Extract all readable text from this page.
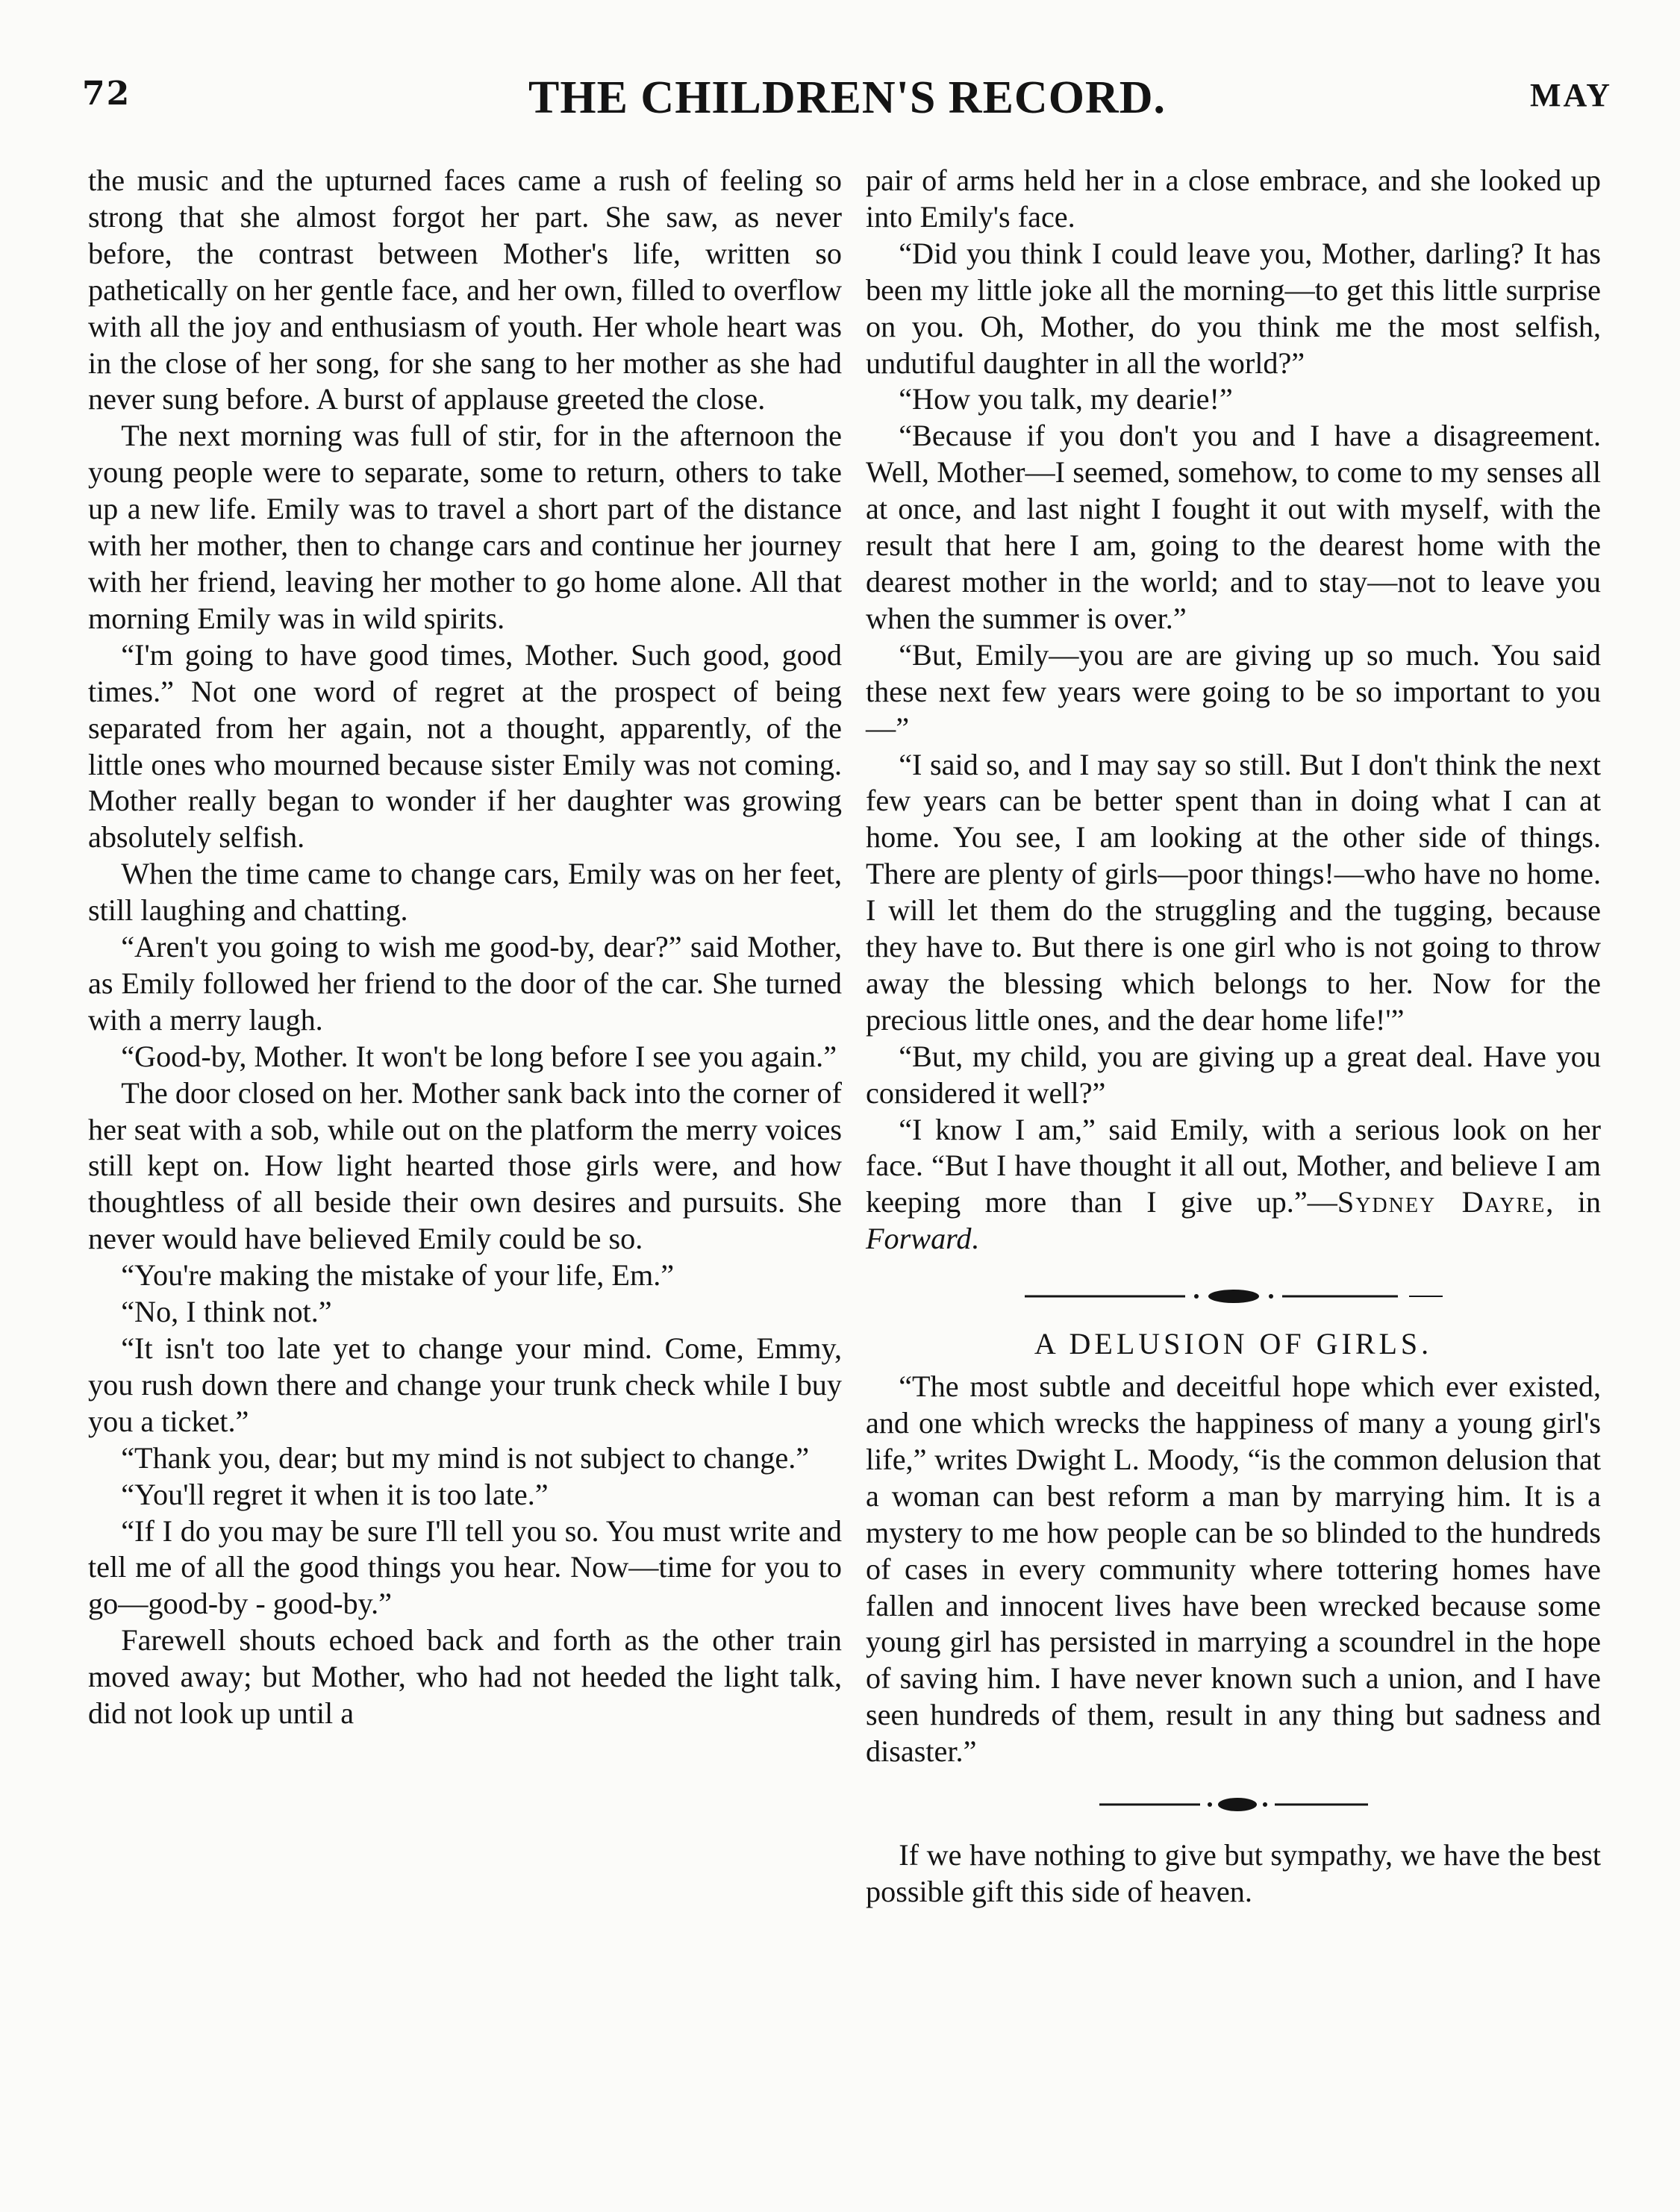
72	THE CHILDREN'S RECORD.	MAY

the music and the upturned faces came a rush of feeling so strong that she almost forgot her part. She saw, as never before, the contrast between Mother's life, written so pathetically on her gentle face, and her own, filled to overflow with all the joy and enthusiasm of youth. Her whole heart was in the close of her song, for she sang to her mother as she had never sung before. A burst of applause greeted the close.

The next morning was full of stir, for in the afternoon the young people were to separate, some to return, others to take up a new life. Emily was to travel a short part of the distance with her mother, then to change cars and continue her journey with her friend, leaving her mother to go home alone. All that morning Emily was in wild spirits.

“I'm going to have good times, Mother. Such good, good times.” Not one word of regret at the prospect of being separated from her again, not a thought, apparently, of the little ones who mourned because sister Emily was not coming. Mother really began to wonder if her daughter was growing absolutely selfish.

When the time came to change cars, Emily was on her feet, still laughing and chatting.

“Aren't you going to wish me good-by, dear?” said Mother, as Emily followed her friend to the door of the car. She turned with a merry laugh.

“Good-by, Mother. It won't be long before I see you again.”

The door closed on her. Mother sank back into the corner of her seat with a sob, while out on the platform the merry voices still kept on. How light hearted those girls were, and how thoughtless of all beside their own desires and pursuits. She never would have believed Emily could be so.

“You're making the mistake of your life, Em.”

“No, I think not.”

“It isn't too late yet to change your mind. Come, Emmy, you rush down there and change your trunk check while I buy you a ticket.”

“Thank you, dear; but my mind is not subject to change.”

“You'll regret it when it is too late.”

“If I do you may be sure I'll tell you so. You must write and tell me of all the good things you hear. Now—time for you to go—good-by - good-by.”

Farewell shouts echoed back and forth as the other train moved away; but Mother, who had not heeded the light talk, did not look up until a

pair of arms held her in a close embrace, and she looked up into Emily's face.

“Did you think I could leave you, Mother, darling? It has been my little joke all the morning—to get this little surprise on you. Oh, Mother, do you think me the most selfish, undutiful daughter in all the world?”

“How you talk, my dearie!”

“Because if you don't you and I have a disagreement. Well, Mother—I seemed, somehow, to come to my senses all at once, and last night I fought it out with myself, with the result that here I am, going to the dearest home with the dearest mother in the world; and to stay—not to leave you when the summer is over.”

“But, Emily—you are are giving up so much. You said these next few years were going to be so important to you—”

“I said so, and I may say so still. But I don't think the next few years can be better spent than in doing what I can at home. You see, I am looking at the other side of things. There are plenty of girls—poor things!—who have no home. I will let them do the struggling and the tugging, because they have to. But there is one girl who is not going to throw away the blessing which belongs to her. Now for the precious little ones, and the dear home life!'”

“But, my child, you are giving up a great deal. Have you considered it well?”

“I know I am,” said Emily, with a serious look on her face. “But I have thought it all out, Mother, and believe I am keeping more than I give up.”—Sydney Dayre, in Forward.

A DELUSION OF GIRLS.

“The most subtle and deceitful hope which ever existed, and one which wrecks the happiness of many a young girl's life,” writes Dwight L. Moody, “is the common delusion that a woman can best reform a man by marrying him. It is a mystery to me how people can be so blinded to the hundreds of cases in every community where tottering homes have fallen and innocent lives have been wrecked because some young girl has persisted in marrying a scoundrel in the hope of saving him. I have never known such a union, and I have seen hundreds of them, result in any thing but sadness and disaster.”

If we have nothing to give but sympathy, we have the best possible gift this side of heaven.
